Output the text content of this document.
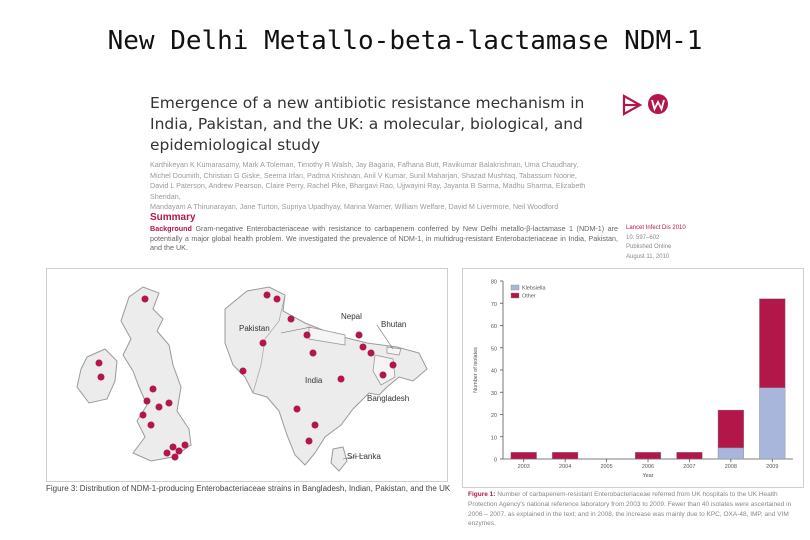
New Delhi Metallo-beta-lactamase NDM-1
Emergence of a new antibiotic resistance mechanism in
India, Pakistan, and the UK: a molecular, biological, and
epidemiological study
Karthikeyan K Kumarasamy, Mark A Toleman, Timothy R Walsh, Jay Bagaria, Fafhana Butt, Ravikumar Balakrishnan, Uma Chaudhary,
Michel Doumith, Christian G Giske, Seema Irfan, Padma Krishnan, Anil V Kumar, Sunil Maharjan, Shazad Mushtaq, Tabassum Noorie,
David L Paterson, Andrew Pearson, Claire Perry, Rachel Pike, Bhargavi Rao, Ujjwayini Ray, Jayanta B Sarma, Madhu Sharma, Elizabeth Sheridan,
Mandayam A Thirunarayan, Jane Turton, Supriya Upadhyay, Marina Warner, William Welfare, David M Livermore, Neil Woodford
Summary
Background Gram-negative Enterobacteriaceae with resistance to carbapenem conferred by New Delhi metallo-β-lactamase 1 (NDM-1) are potentially a major global health problem. We investigated the prevalence of NDM-1, in multidrug-resistant Enterobacteriaceae in India, Pakistan, and the UK.
Lancet Infect Dis 2010
10: 597–602
Published Online
August 11, 2010
Nepal
Bhutan
Pakistan
India
Bangladesh
Sri Lanka
Figure 3: Distribution of NDM-1-producing Enterobacteriaceae strains in Bangladesh, Indian, Pakistan, and the UK
0
10
20
30
40
50
60
70
80
2003	2004	2005	2006	2007	2008	2009
Year
Number of isolates
Klebsiella
Other
Figure 1: Number of carbapenem-resistant Enterobacteriaceae referred from UK hospitals to the UK Health Protection Agency's national reference laboratory from 2003 to 2009. Fewer than 40 isolates were ascertained in 2006 – 2007, as explained in the text; and in 2008, the increase was mainly due to KPC, OXA-48, IMP, and VIM enzymes.
